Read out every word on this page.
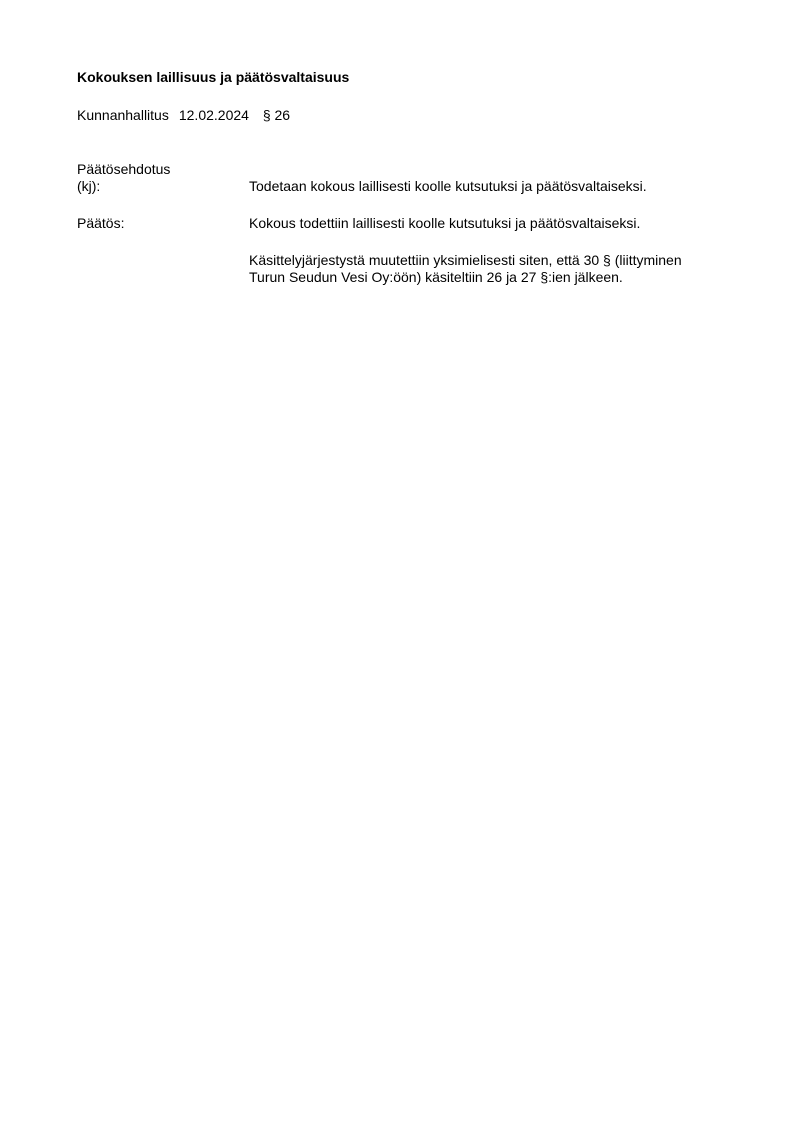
Kokouksen laillisuus ja päätösvaltaisuus
Kunnanhallitus 12.02.2024 § 26
Päätösehdotus
(kj):	Todetaan kokous laillisesti koolle kutsutuksi ja päätösvaltaiseksi.
Päätös:	Kokous todettiin laillisesti koolle kutsutuksi ja päätösvaltaiseksi.
Käsittelyjärjestystä muutettiin yksimielisesti siten, että 30 § (liittyminen Turun Seudun Vesi Oy:öön) käsiteltiin 26 ja 27 §:ien jälkeen.
